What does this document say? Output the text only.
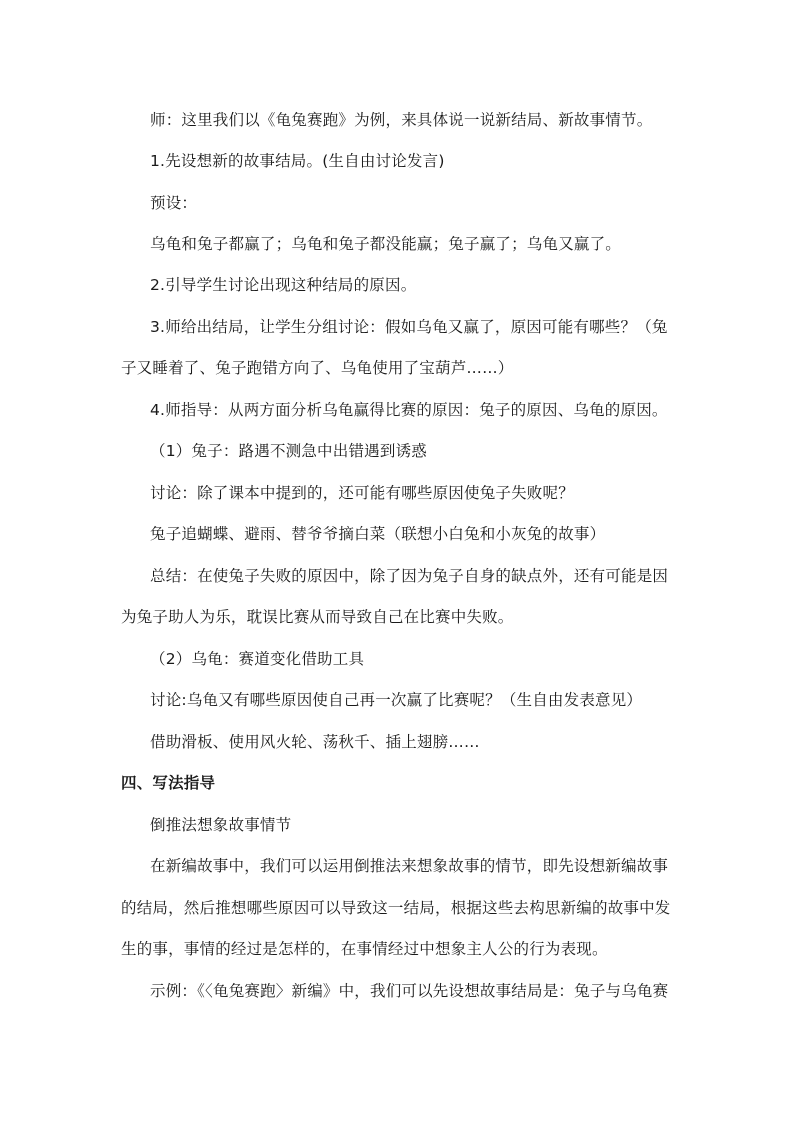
师：这里我们以《龟兔赛跑》为例，来具体说一说新结局、新故事情节。
1.先设想新的故事结局。(生自由讨论发言)
预设：
乌龟和兔子都赢了；乌龟和兔子都没能赢；兔子赢了；乌龟又赢了。
2.引导学生讨论出现这种结局的原因。
3.师给出结局，让学生分组讨论：假如乌龟又赢了，原因可能有哪些？（兔
子又睡着了、兔子跑错方向了、乌龟使用了宝葫芦……）
4.师指导：从两方面分析乌龟赢得比赛的原因：兔子的原因、乌龟的原因。
（1）兔子：路遇不测急中出错遇到诱惑
讨论：除了课本中提到的，还可能有哪些原因使兔子失败呢？
兔子追蝴蝶、避雨、替爷爷摘白菜（联想小白兔和小灰兔的故事）
总结：在使兔子失败的原因中，除了因为兔子自身的缺点外，还有可能是因
为兔子助人为乐，耽误比赛从而导致自己在比赛中失败。
（2）乌龟：赛道变化借助工具
讨论:乌龟又有哪些原因使自己再一次赢了比赛呢？（生自由发表意见）
借助滑板、使用风火轮、荡秋千、插上翅膀……
四、写法指导
倒推法想象故事情节
在新编故事中，我们可以运用倒推法来想象故事的情节，即先设想新编故事
的结局，然后推想哪些原因可以导致这一结局，根据这些去构思新编的故事中发
生的事，事情的经过是怎样的，在事情经过中想象主人公的行为表现。
示例：《〈龟兔赛跑〉新编》中，我们可以先设想故事结局是：兔子与乌龟赛
